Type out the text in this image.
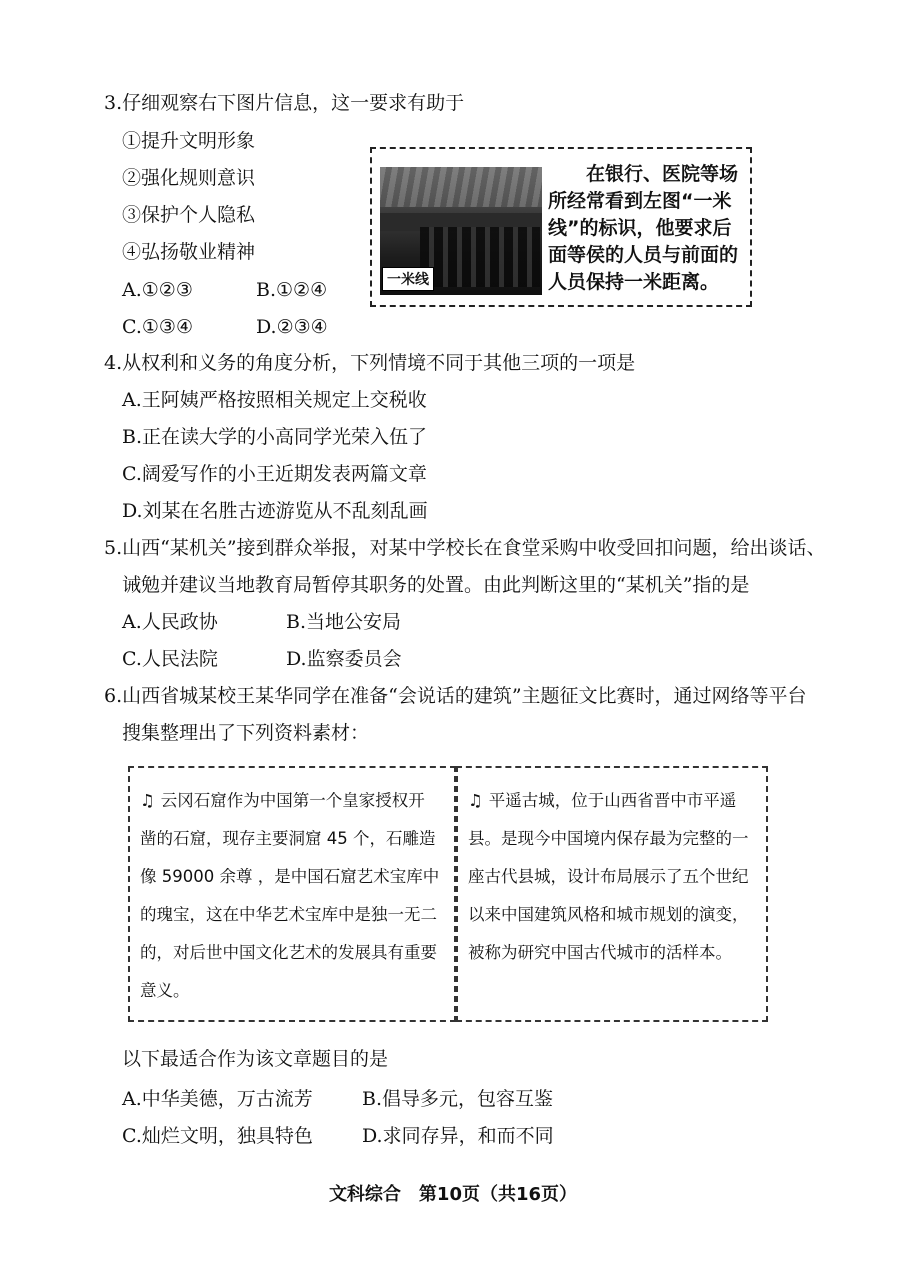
3.仔细观察右下图片信息，这一要求有助于
①提升文明形象
②强化规则意识
③保护个人隐私
④弘扬敬业精神
A.①②③	B.①②④
C.①③④	D.②③④
一米线

在银行、医院等场

所经常看到左图“一米

线”的标识，他要求后

面等侯的人员与前面的

人员保持一米距离。

4.从权利和义务的角度分析，下列情境不同于其他三项的一项是
A.王阿姨严格按照相关规定上交税收
B.正在读大学的小高同学光荣入伍了
C.阔爱写作的小王近期发表两篇文章
D.刘某在名胜古迹游览从不乱刻乱画
5.山西“某机关”接到群众举报，对某中学校长在食堂采购中收受回扣问题，给出谈话、
诫勉并建议当地教育局暂停其职务的处置。由此判断这里的“某机关”指的是
A.人民政协	B.当地公安局
C.人民法院	D.监察委员会
6.山西省城某校王某华同学在准备“会说话的建筑”主题征文比赛时，通过网络等平台
搜集整理出了下列资料素材：

♫ 云冈石窟作为中国第一个皇家授权开

凿的石窟，现存主要洞窟 45 个，石雕造

像 59000 余尊 ，是中国石窟艺术宝库中

的瑰宝，这在中华艺术宝库中是独一无二

的，对后世中国文化艺术的发展具有重要

意义。

♫ 平遥古城，位于山西省晋中市平遥

县。是现今中国境内保存最为完整的一

座古代县城，设计布局展示了五个世纪

以来中国建筑风格和城市规划的演变，

被称为研究中国古代城市的活样本。

以下最适合作为该文章题目的是
A.中华美德，万古流芳	B.倡导多元，包容互鉴
C.灿烂文明，独具特色	D.求同存异，和而不同
文科综合　第10页（共16页）
